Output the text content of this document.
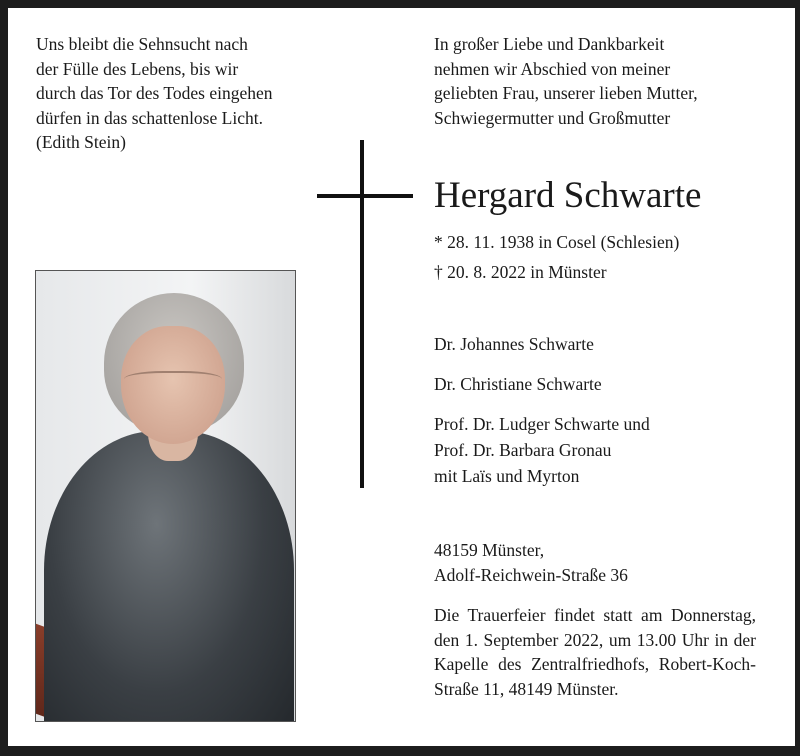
Uns bleibt die Sehnsucht nach
der Fülle des Lebens, bis wir
durch das Tor des Todes eingehen
dürfen in das schattenlose Licht.
(Edith Stein)
In großer Liebe und Dankbarkeit
nehmen wir Abschied von meiner
geliebten Frau, unserer lieben Mutter,
Schwiegermutter und Großmutter
Hergard Schwarte
* 28. 11. 1938 in Cosel (Schlesien)
† 20. 8. 2022 in Münster
Dr. Johannes Schwarte
Dr. Christiane Schwarte
Prof. Dr. Ludger Schwarte und
Prof. Dr. Barbara Gronau
mit Laïs und Myrton
48159 Münster,
Adolf-Reichwein-Straße 36
Die Trauerfeier findet statt am Donnerstag, den 1. September 2022, um 13.00 Uhr in der Kapelle des Zentralfriedhofs, Robert-Koch-Straße 11, 48149 Münster.
